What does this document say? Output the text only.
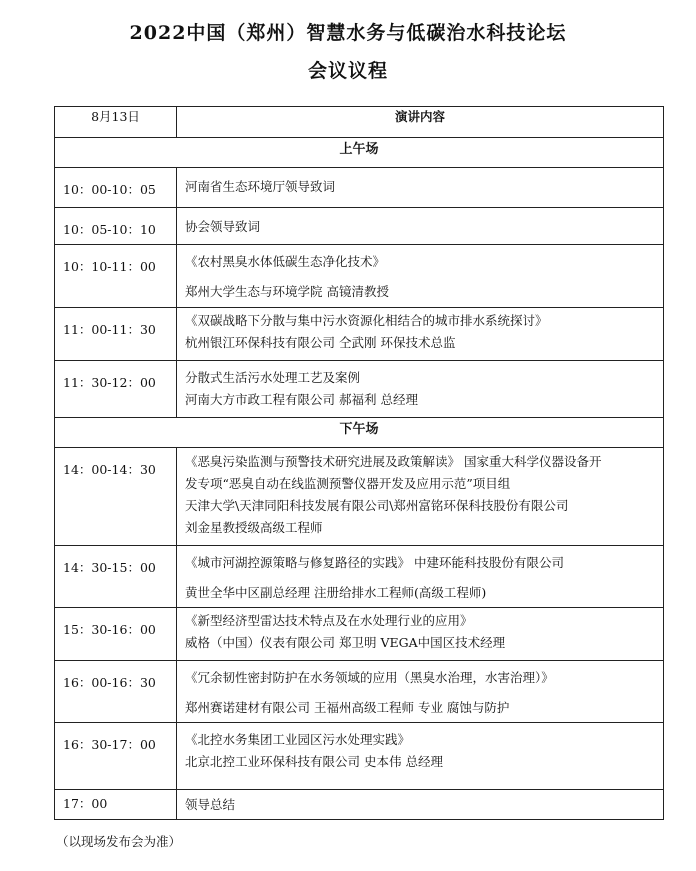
2022中国（郑州）智慧水务与低碳治水科技论坛
会议议程
8月13日	演讲内容
上午场	
10：00-10：05	河南省生态环境厅领导致词

10：05-10：10	协会领导致词

10：10-11：00	《农村黑臭水体低碳生态净化技术》
郑州大学生态与环境学院 高镜清教授

11：00-11：30	《双碳战略下分散与集中污水资源化相结合的城市排水系统探讨》
杭州银江环保科技有限公司 仝武刚 环保技术总监

11：30-12：00	分散式生活污水处理工艺及案例
河南大方市政工程有限公司 郝福利 总经理

下午场	
14：00-14：30	《恶臭污染监测与预警技术研究进展及政策解读》 国家重大科学仪器设备开
发专项“恶臭自动在线监测预警仪器开发及应用示范”项目组
天津大学\天津同阳科技发展有限公司\郑州富铭环保科技股份有限公司
刘金星教授级高级工程师

14：30-15：00	《城市河湖控源策略与修复路径的实践》 中建环能科技股份有限公司
黄世全华中区副总经理 注册给排水工程师(高级工程师)

15：30-16：00	《新型经济型雷达技术特点及在水处理行业的应用》
威格（中国）仪表有限公司 郑卫明 VEGA中国区技术经理

16：00-16：30	《冗余韧性密封防护在水务领域的应用（黑臭水治理，水害治理）》
郑州赛诺建材有限公司 王福州高级工程师 专业 腐蚀与防护

16：30-17：00	《北控水务集团工业园区污水处理实践》
北京北控工业环保科技有限公司 史本伟 总经理

17：00	领导总结
（以现场发布会为准）
